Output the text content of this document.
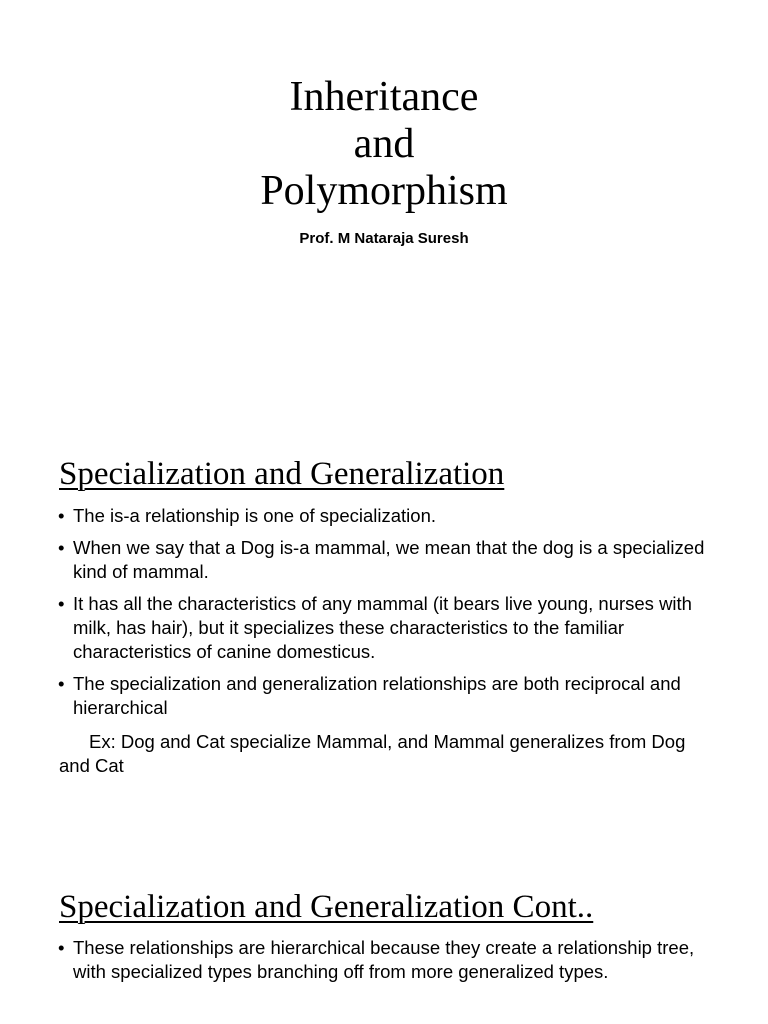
Inheritance
and
Polymorphism

Prof. M Nataraja Suresh

Specialization and Generalization
• The is-a relationship is one of specialization.
• When we say that a Dog is-a mammal, we mean that the dog is a specialized kind of mammal.
• It has all the characteristics of any mammal (it bears live young, nurses with milk, has hair), but it specializes these characteristics to the familiar characteristics of canine domesticus.
• The specialization and generalization relationships are both reciprocal and hierarchical

Ex: Dog and Cat specialize Mammal, and Mammal generalizes from Dog and Cat

Specialization and Generalization Cont..
• These relationships are hierarchical because they create a relationship tree, with specialized types branching off from more generalized types.
